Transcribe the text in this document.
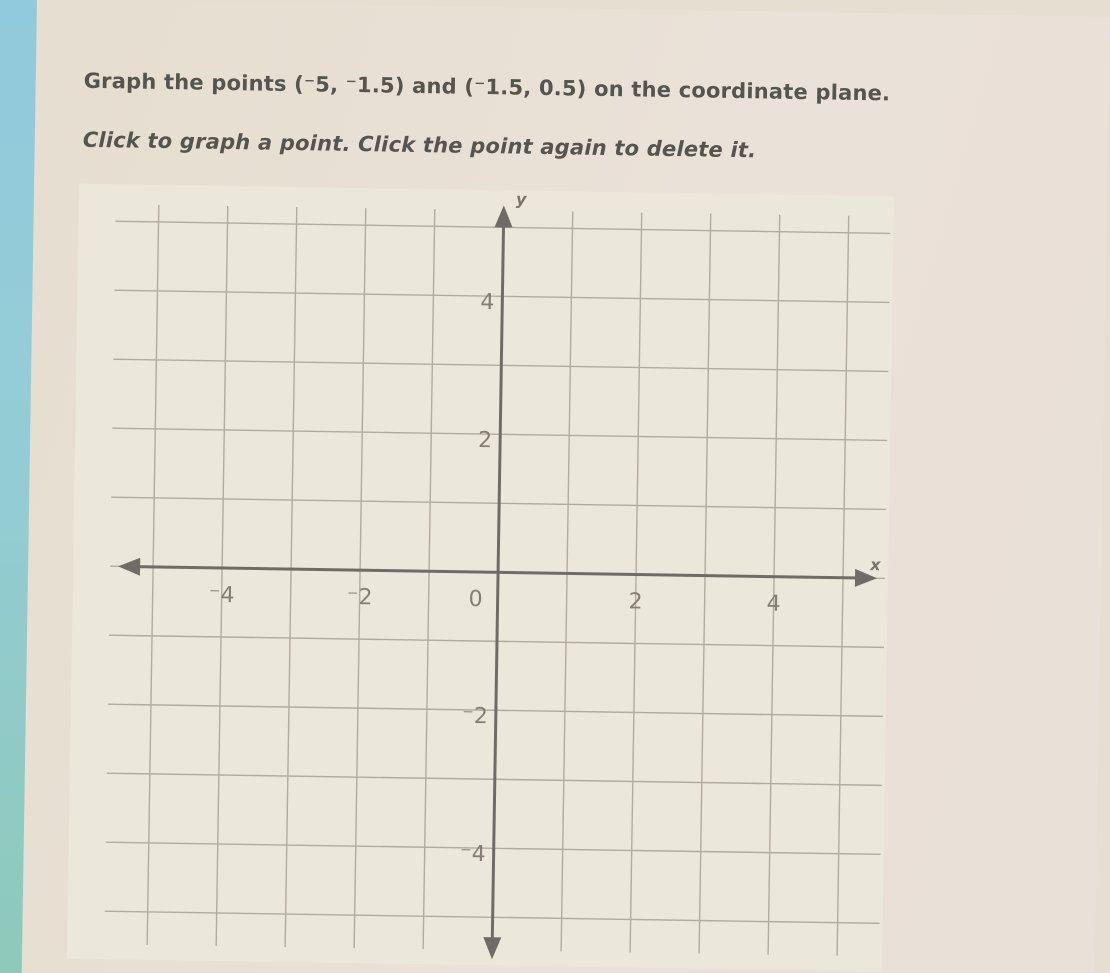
Graph the points (⁻5, ⁻1.5) and (⁻1.5, 0.5) on the coordinate plane.
Click to graph a point. Click the point again to delete it.
⁻4	⁻2	0	2	4
4
2
⁻2
⁻4
x
y
